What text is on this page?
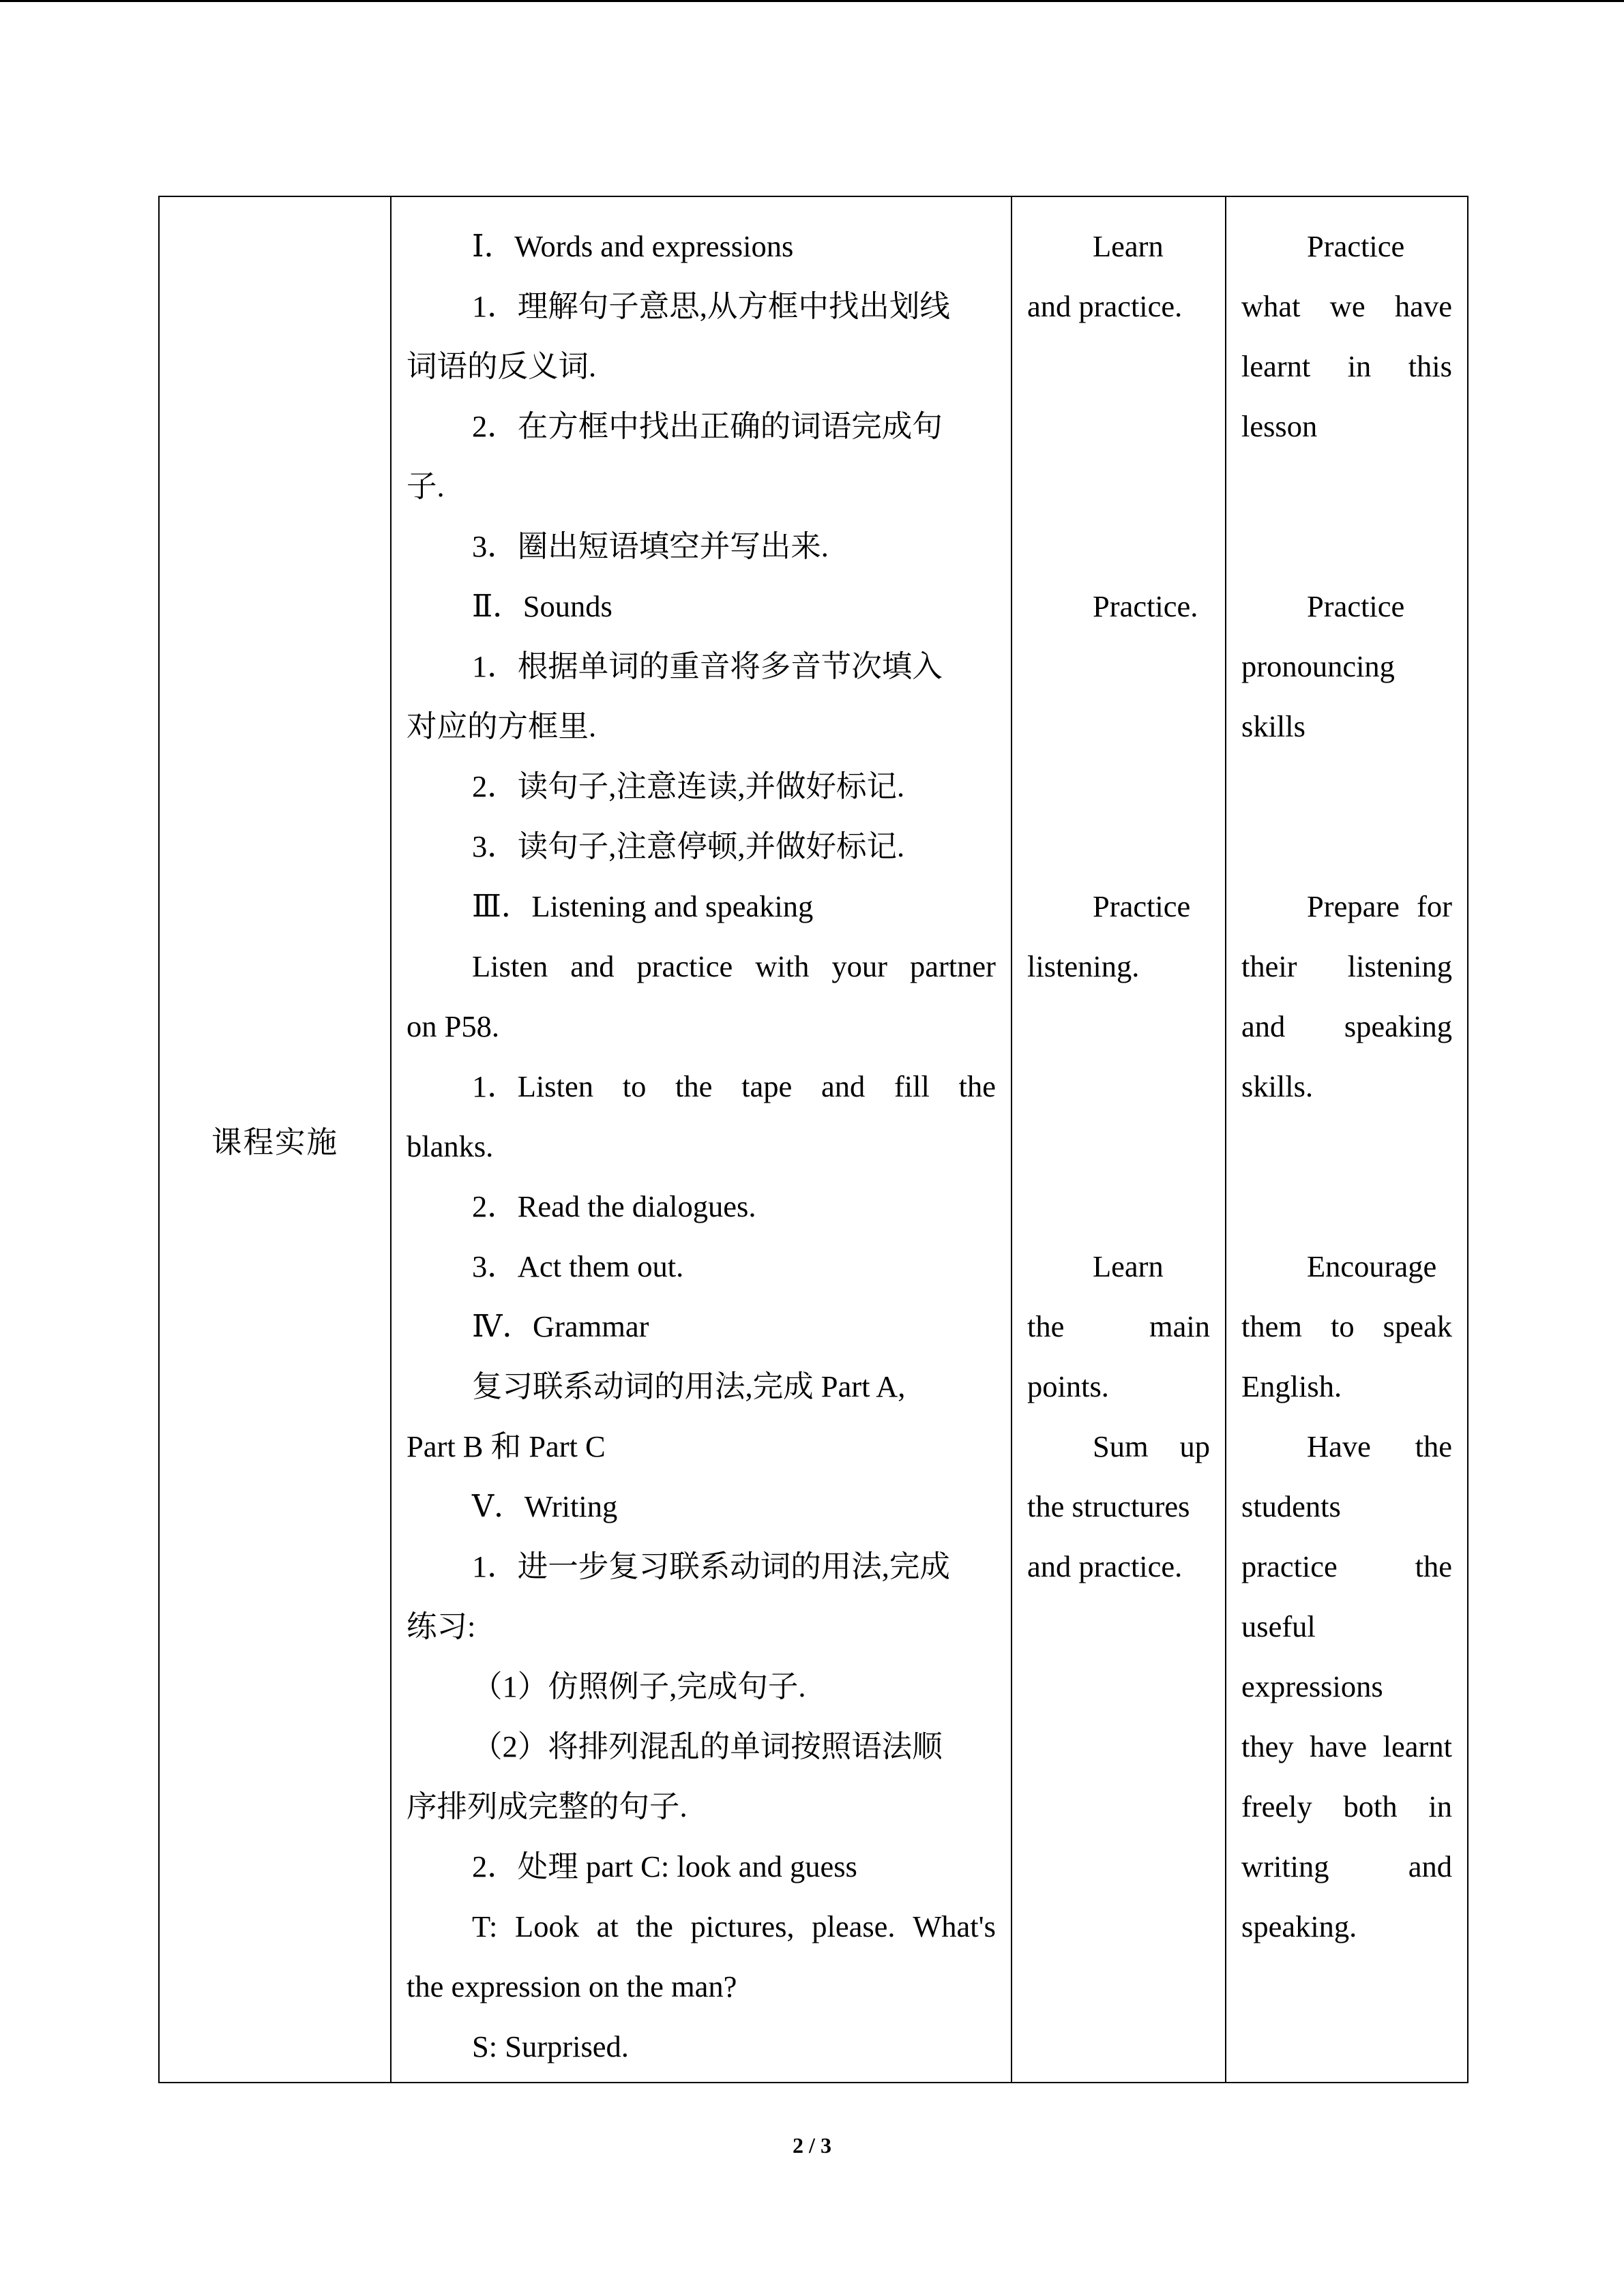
课程实施	
Ⅰ．Words and expressions
1．理解句子意思,从方框中找出划线
词语的反义词.
2．在方框中找出正确的词语完成句
子.
3．圈出短语填空并写出来.
Ⅱ．Sounds
1．根据单词的重音将多音节次填入
对应的方框里.
2．读句子,注意连读,并做好标记.
3．读句子,注意停顿,并做好标记.
Ⅲ．Listening and speaking
Listen and practice with your partner
on P58.
1．Listen to the tape and fill the
blanks.
2．Read the dialogues.
3．Act them out.
Ⅳ．Grammar
复习联系动词的用法,完成 Part A,
Part B 和 Part C
Ⅴ．Writing
1．进一步复习联系动词的用法,完成
练习:
（1）仿照例子,完成句子.
（2）将排列混乱的单词按照语法顺
序排列成完整的句子.
2．处理 part C: look and guess
T: Look at the pictures, please. What's
the expression on the man?
S: Surprised.

Learn
and practice.
Practice.
Practice
listening.
Learn
the	main
points.
Sum up
the structures
and practice.

Practice
what we have
learnt in this
lesson
Practice
pronouncing
skills
Prepare for
their listening
and speaking
skills.
Encourage
them to speak
English.
Have the
students
practice	the
useful
expressions
they have learnt
freely both in
writing	and
speaking.
2 / 3
